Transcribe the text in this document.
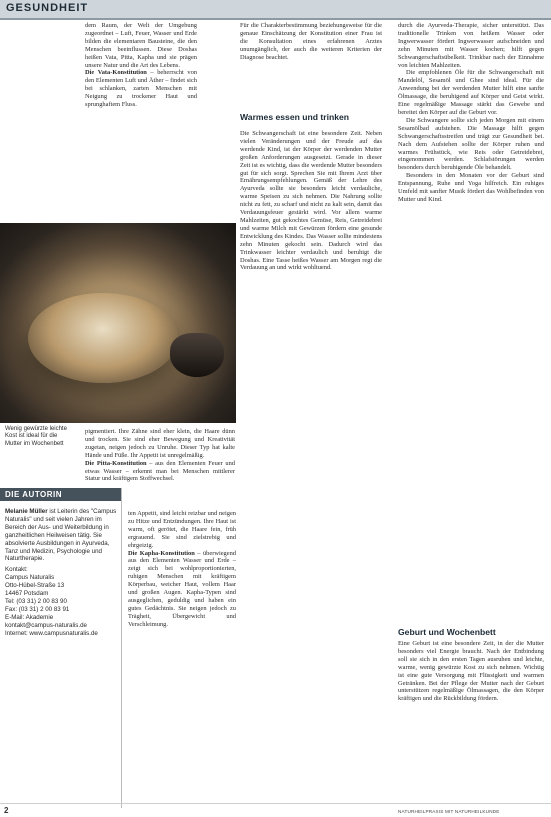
GESUNDHEIT

dem Raum, der Welt der Umgebung zugeordnet – Luft, Feuer, Wasser und Erde bilden die elementaren Bausteine, die den Menschen beeinflussen. Diese Doshas heißen Vata, Pitta, Kapha und sie prägen unsere Natur und die Art des Lebens.

Die Vata-Konstitution – beherrscht von den Elementen Luft und Äther – findet sich bei schlanken, zarten Menschen mit Neigung zu trockener Haut und sprunghaftem Fluss.

Für die Charakterbestimmung beziehungsweise für die genaue Einschätzung der Konstitution einer Frau ist die Konsultation eines erfahrenen Arztes unumgänglich, der auch die weiteren Kriterien der Diagnose beachtet.

Warmes essen und trinken

Die Schwangerschaft ist eine besondere Zeit. Neben vielen Veränderungen und der Freude auf das werdende Kind, ist der Körper der werdenden Mutter großen Anforderungen ausgesetzt. Gerade in dieser Zeit ist es wichtig, dass die werdende Mutter besonders gut für sich sorgt. Sprechen Sie mit Ihrem Arzt über Ernährungsempfehlungen. Gemäß der Lehre des Ayurveda sollte sie besonders leicht verdauliche, warme Speisen zu sich nehmen. Die Nahrung sollte nicht zu fett, zu scharf und nicht zu kalt sein, damit das Verdauungsfeuer gestärkt wird. Vor allem warme Mahlzeiten, gut gekochtes Gemüse, Reis, Getreidebrei und warme Milch mit Gewürzen fördern eine gesunde Entwicklung des Kindes. Das Wasser sollte mindestens zehn Minuten gekocht sein. Dadurch wird das Trinkwasser leichter verdaulich und beruhigt die Doshas. Eine Tasse heißes Wasser am Morgen regt die Verdauung an und wirkt wohltuend.

Wenig gewürzte leichte Kost ist ideal für die Mutter im Wochenbett

pigmentiert. Ihre Zähne sind eher klein, die Haare dünn und trocken. Sie sind eher Bewegung und Kreativität zugetan, neigen jedoch zu Unruhe. Dieser Typ hat kalte Hände und Füße. Ihr Appetit ist unregelmäßig.

Die Pitta-Konstitution – aus den Elementen Feuer und etwas Wasser – erkennt man bei Menschen mittlerer Statur und kräftigem Stoffwechsel.

ten Appetit, sind leicht reizbar und neigen zu Hitze und Entzündungen. Ihre Haut ist warm, oft gerötet, die Haare fein, früh ergrauend. Sie sind zielstrebig und ehrgeizig.

Die Kapha-Konstitution – überwiegend aus den Elementen Wasser und Erde – zeigt sich bei wohlproportionierten, ruhigen Menschen mit kräftigem Körperbau, weicher Haut, vollem Haar und großen Augen. Kapha-Typen sind ausgeglichen, geduldig und haben ein gutes Gedächtnis. Sie neigen jedoch zu Trägheit, Übergewicht und Verschleimung.

DIE AUTORIN
Melanie Müller ist Leiterin des "Campus Naturalis" und seit vielen Jahren im Bereich der Aus- und Weiterbildung in ganzheitlichen Heilweisen tätig. Sie absolvierte Ausbildungen in Ayurveda, Tanz und Medizin, Psychologie und Naturtherapie.
Kontakt:
Campus Naturalis
Otto-Hübel-Straße 13
14467 Potsdam
Tel: (03 31) 2 00 83 90
Fax: (03 31) 2 00 83 91
E-Mail: Akademie
kontakt@campus-naturalis.de
Internet: www.campusnaturalis.de

durch die Ayurveda-Therapie, sicher unterstützt. Das traditionelle Trinken von heißem Wasser oder Ingwerwasser fördert Ingwerwasser aufschneiden und zehn Minuten mit Wasser kochen; hilft gegen Schwangerschaftsübelkeit. Trinkbar nach der Einnahme von leichten Mahlzeiten.

Die empfohlenen Öle für die Schwangerschaft mit Mandelöl, Sesamöl und Ghee sind ideal. Für die Anwendung bei der werdenden Mutter hilft eine sanfte Ölmassage, die beruhigend auf Körper und Geist wirkt. Eine regelmäßige Massage stärkt das Gewebe und bereitet den Körper auf die Geburt vor.

Die Schwangere sollte sich jeden Morgen mit einem Sesamölbad aufstehen. Die Massage hilft gegen Schwangerschaftsstreifen und trägt zur Gesundheit bei. Nach dem Aufstehen sollte der Körper ruhen und warmes Frühstück, wie Reis oder Getreidebrei, eingenommen werden. Schlafstörungen werden besonders durch beruhigende Öle behandelt.

Besonders in den Monaten vor der Geburt sind Entspannung, Ruhe und Yoga hilfreich. Ein ruhiges Umfeld mit sanfter Musik fördert das Wohlbefinden von Mutter und Kind.

Geburt und Wochenbett

Eine Geburt ist eine besondere Zeit, in der die Mutter besonders viel Energie braucht. Nach der Entbindung soll sie sich in den ersten Tagen ausruhen und leichte, warme, wenig gewürzte Kost zu sich nehmen. Wichtig ist eine gute Versorgung mit Flüssigkeit und warmen Getränken. Bei der Pflege der Mutter nach der Geburt unterstützen regelmäßige Ölmassagen, die den Körper kräftigen und die Rückbildung fördern.

2	NATURHEILPRAXIS MIT NATURHEILKUNDE
